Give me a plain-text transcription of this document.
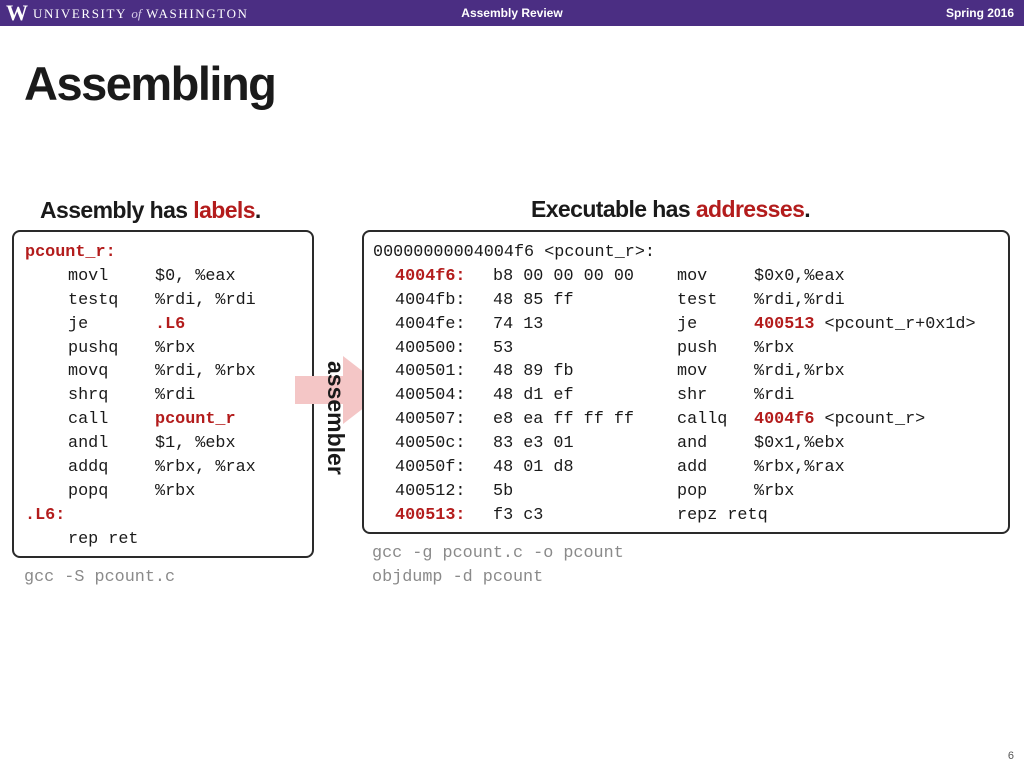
W UNIVERSITY of WASHINGTON	Assembly Review	Spring 2016
Assembling
Assembly has labels.	Executable has addresses.
pcount_r:
movl	$0, %eax
testq %rdi, %rdi
je	.L6
pushq %rbx
movq	%rdi, %rbx
shrq	%rdi
call	pcount_r
andl	$1, %ebx
addq	%rbx, %rax
popq	%rbx
.L6:
rep ret
gcc -S pcount.c
assembler
00000000004004f6 <pcount_r>:
4004f6: b8 00 00 00 00	mov	$0x0,%eax
4004fb: 48 85 ff	test %rdi,%rdi
4004fe: 74 13	je	400513 <pcount_r+0x1d>
400500: 53	push %rbx
400501: 48 89 fb	mov	%rdi,%rbx
400504: 48 d1 ef	shr	%rdi
400507: e8 ea ff ff ff	callq 4004f6 <pcount_r>
40050c: 83 e3 01	and	$0x1,%ebx
40050f: 48 01 d8	add	%rbx,%rax
400512: 5b	pop	%rbx
400513: f3 c3	repz retq
gcc -g pcount.c -o pcount
objdump -d pcount
6
